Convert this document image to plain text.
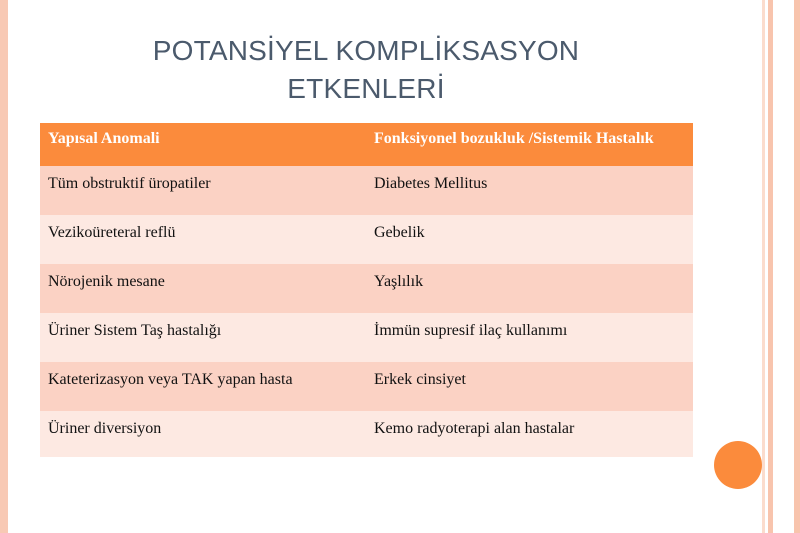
POTANSİYEL KOMPLİKSASYON
ETKENLERİ
Yapısal Anomali	Fonksiyonel bozukluk /Sistemik Hastalık
Tüm obstruktif üropatiler	Diabetes Mellitus
Vezikoüreteral reflü	Gebelik
Nörojenik mesane	Yaşlılık
Üriner Sistem Taş hastalığı	İmmün supresif ilaç kullanımı
Kateterizasyon veya TAK yapan hasta	Erkek cinsiyet
Üriner diversiyon	Kemo radyoterapi alan hastalar
